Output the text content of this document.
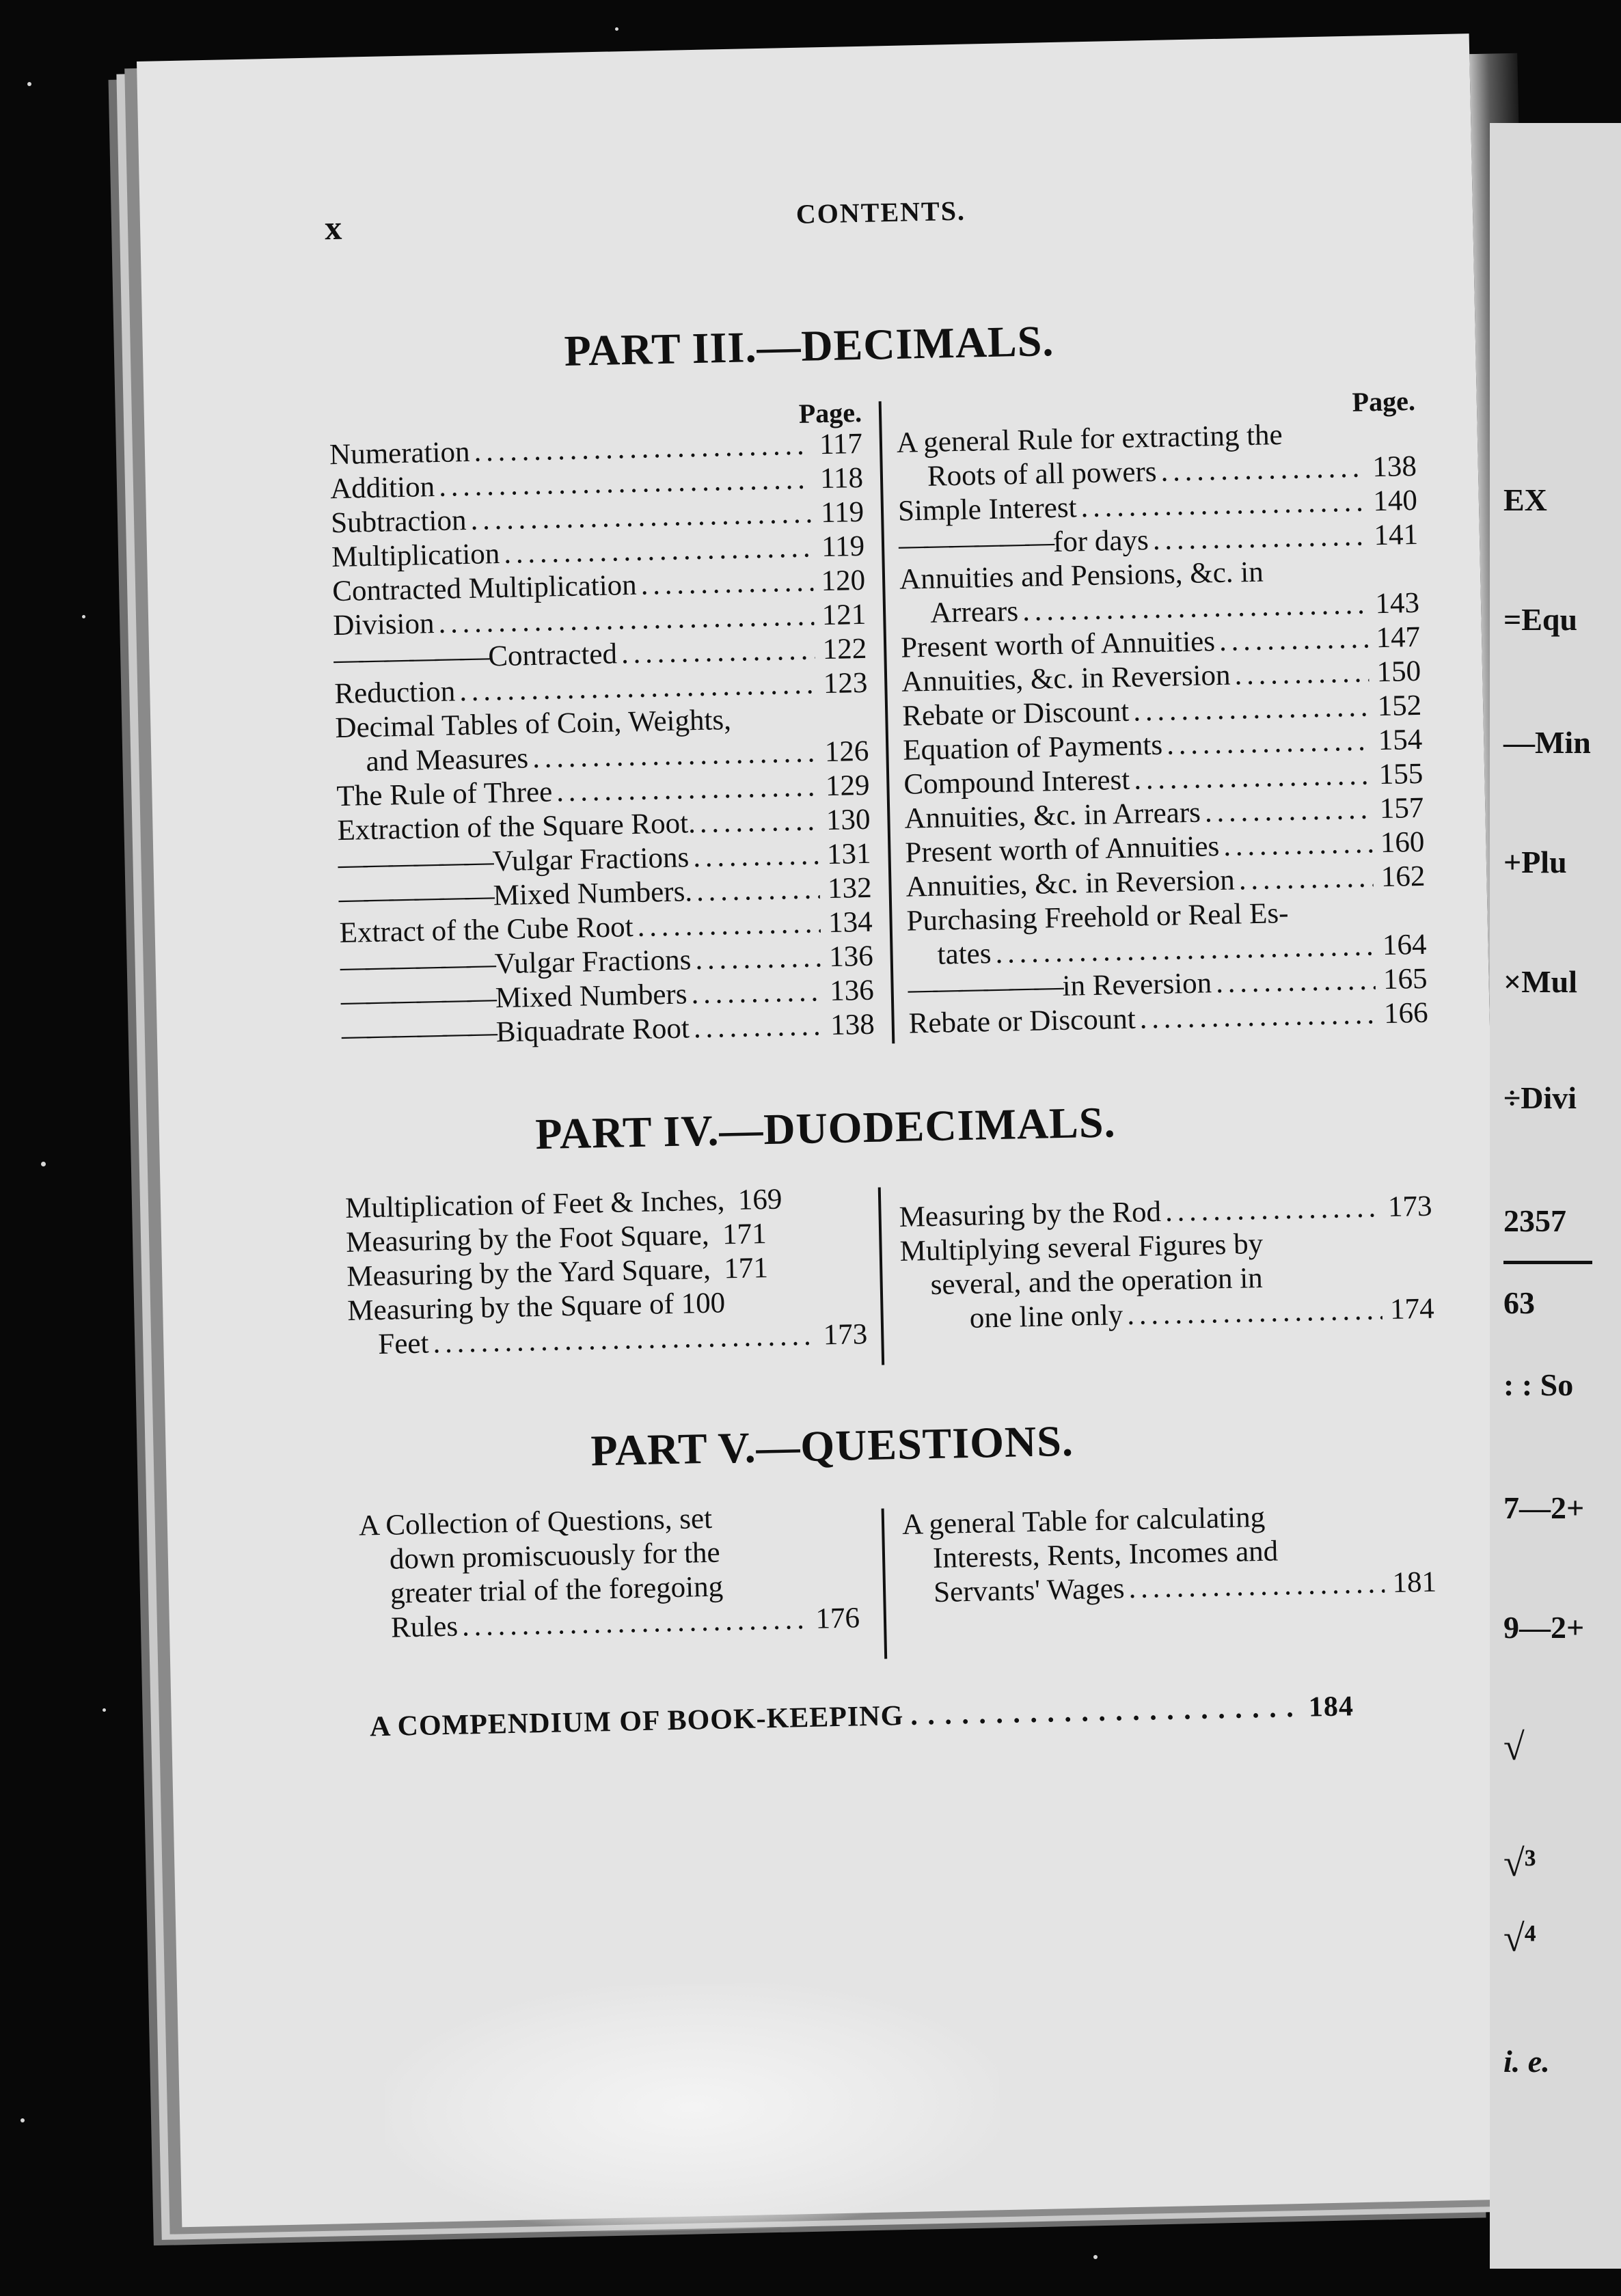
x	CONTENTS.
PART III.—DECIMALS.
Page.
Numeration . . .	117
Addition . . .	118
Subtraction . . .	119
Multiplication . . .	119
Contracted Multiplication . . .	120
Division . . .	121
—————— Contracted . . .	122
Reduction . . .	123
Decimal Tables of Coin, Weights,
and Measures . . .	126
The Rule of Three . . .	129
Extraction of the Square Root. . . .	130
—————— Vulgar Fractions . . .	131
—————— Mixed Numbers. . . .	132
Extract of the Cube Root . . .	134
—————— Vulgar Fractions . . .	136
—————— Mixed Numbers . . .	136
—————— Biquadrate Root . . .	138
Page.
A general Rule for extracting the
Roots of all powers . . .	138
Simple Interest . . .	140
—————— for days . . .	141
Annuities and Pensions, &c. in
Arrears . . .	143
Present worth of Annuities . . .	147
Annuities, &c. in Reversion . . .	150
Rebate or Discount . . .	152
Equation of Payments . . .	154
Compound Interest . . .	155
Annuities, &c. in Arrears . . .	157
Present worth of Annuities . . .	160
Annuities, &c. in Reversion . . .	162
Purchasing Freehold or Real Es-
tates . . .	164
—————— in Reversion . . .	165
Rebate or Discount . . .	166
PART IV.—DUODECIMALS.
Multiplication of Feet & Inches, 169
Measuring by the Foot Square, 171
Measuring by the Yard Square, 171
Measuring by the Square of 100
Feet . . .	173
Measuring by the Rod . . .	173
Multiplying several Figures by
several, and the operation in
one line only . . .	174
PART V.—QUESTIONS.
A Collection of Questions, set
down promiscuously for the
greater trial of the foregoing
Rules . . .	176
A general Table for calculating
Interests, Rents, Incomes and
Servants' Wages . . .	181
A COMPENDIUM OF BOOK-KEEPING . . .	184
EX
=Equ
—Min
+Plu
×Mul
÷Divi
2357
63
: : So
7—2+
9—2+
√
√³
√⁴
i. e.
